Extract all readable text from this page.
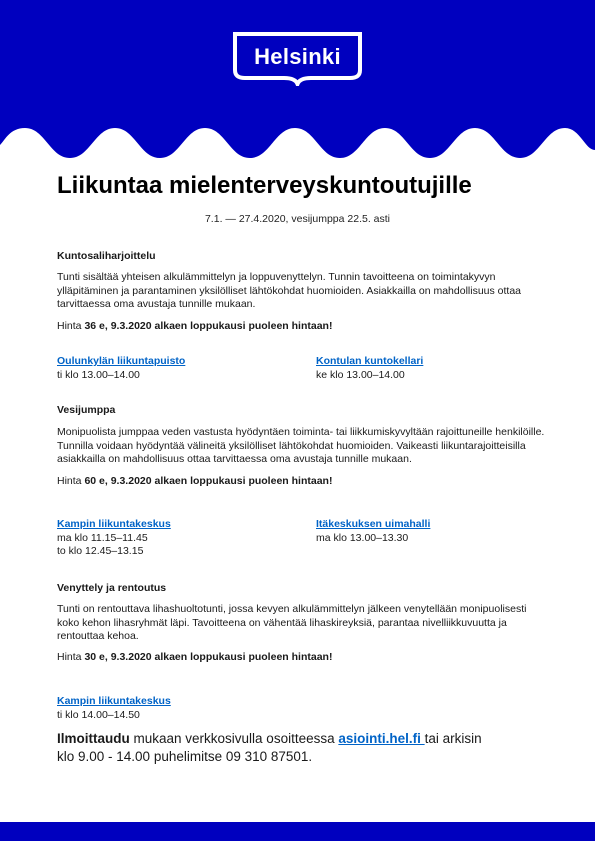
Helsinki
Liikuntaa mielenterveyskuntoutujille
7.1. — 27.4.2020, vesijumppa 22.5. asti
Kuntosaliharjoittelu
Tunti sisältää yhteisen alkulämmittelyn ja loppuvenyttelyn. Tunnin tavoitteena on toimintakyvyn ylläpitäminen ja parantaminen yksilölliset lähtökohdat huomioiden. Asiakkailla on mahdollisuus ottaa tarvittaessa oma avustaja tunnille mukaan.
Hinta 36 e, 9.3.2020 alkaen loppukausi puoleen hintaan!
Oulunkylän liikuntapuisto
ti klo 13.00–14.00
Kontulan kuntokellari
ke klo 13.00–14.00
Vesijumppa
Monipuolista jumppaa veden vastusta hyödyntäen toiminta- tai liikkumiskyvyltään rajoittuneille henkilöille. Tunnilla voidaan hyödyntää välineitä yksilölliset lähtökohdat huomioiden. Vaikeasti liikuntarajoitteisilla asiakkailla on mahdollisuus ottaa tarvittaessa oma avustaja tunnille mukaan.
Hinta 60 e, 9.3.2020 alkaen loppukausi puoleen hintaan!
Kampin liikuntakeskus
ma klo 11.15–11.45
to klo 12.45–13.15
Itäkeskuksen uimahalli
ma klo 13.00–13.30
Venyttely ja rentoutus
Tunti on rentouttava lihashuoltotunti, jossa kevyen alkulämmittelyn jälkeen venytellään monipuolisesti koko kehon lihasryhmät läpi. Tavoitteena on vähentää lihaskireyksiä, parantaa nivelliikkuvuutta ja rentouttaa kehoa.
Hinta 30 e, 9.3.2020 alkaen loppukausi puoleen hintaan!
Kampin liikuntakeskus
ti klo 14.00–14.50
Ilmoittaudu mukaan verkkosivulla osoitteessa asiointi.hel.fi tai arkisin klo 9.00 - 14.00 puhelimitse 09 310 87501.
